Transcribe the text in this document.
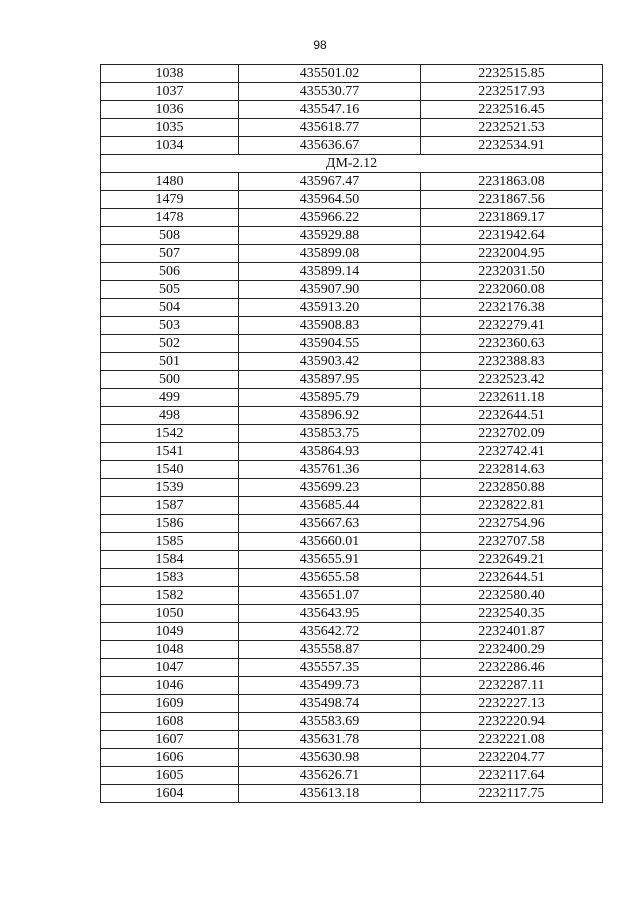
98
1038	435501.02	2232515.85
1037	435530.77	2232517.93
1036	435547.16	2232516.45
1035	435618.77	2232521.53
1034	435636.67	2232534.91
ДМ-2.12		
1480	435967.47	2231863.08
1479	435964.50	2231867.56
1478	435966.22	2231869.17
508	435929.88	2231942.64
507	435899.08	2232004.95
506	435899.14	2232031.50
505	435907.90	2232060.08
504	435913.20	2232176.38
503	435908.83	2232279.41
502	435904.55	2232360.63
501	435903.42	2232388.83
500	435897.95	2232523.42
499	435895.79	2232611.18
498	435896.92	2232644.51
1542	435853.75	2232702.09
1541	435864.93	2232742.41
1540	435761.36	2232814.63
1539	435699.23	2232850.88
1587	435685.44	2232822.81
1586	435667.63	2232754.96
1585	435660.01	2232707.58
1584	435655.91	2232649.21
1583	435655.58	2232644.51
1582	435651.07	2232580.40
1050	435643.95	2232540.35
1049	435642.72	2232401.87
1048	435558.87	2232400.29
1047	435557.35	2232286.46
1046	435499.73	2232287.11
1609	435498.74	2232227.13
1608	435583.69	2232220.94
1607	435631.78	2232221.08
1606	435630.98	2232204.77
1605	435626.71	2232117.64
1604	435613.18	2232117.75
